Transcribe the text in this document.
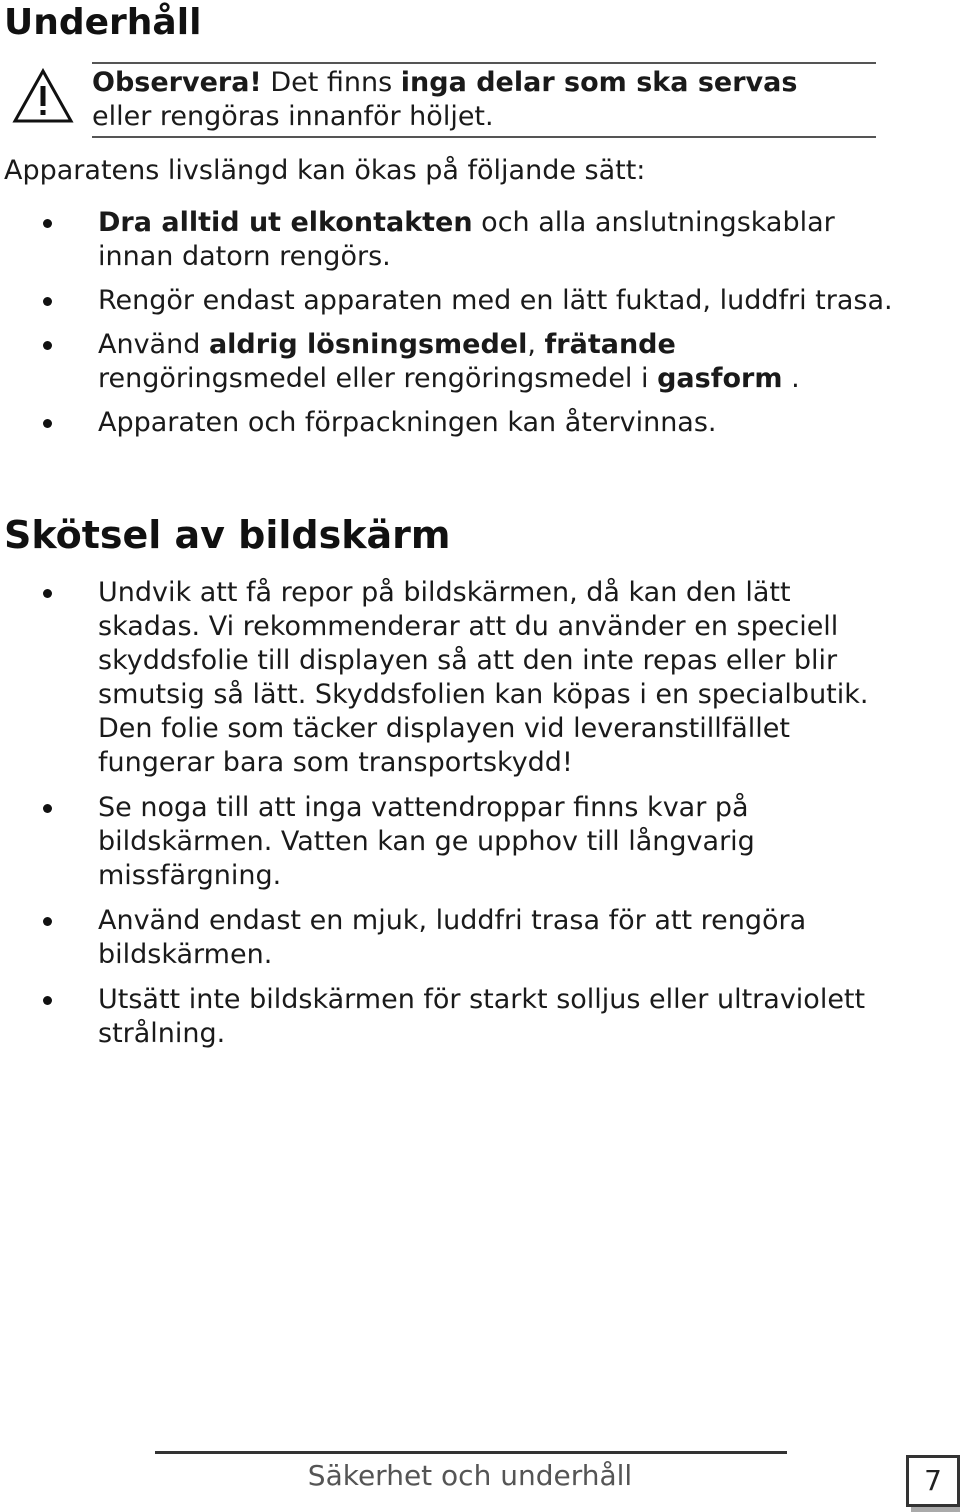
Underhåll
Observera! Det finns inga delar som ska servas eller rengöras innanför höljet.

Apparatens livslängd kan ökas på följande sätt:

Dra alltid ut elkontakten och alla anslutningskablar innan datorn rengörs.
Rengör endast apparaten med en lätt fuktad, luddfri trasa.
Använd aldrig lösningsmedel, frätande rengöringsmedel eller rengöringsmedel i gasform .
Apparaten och förpackningen kan återvinnas.
Skötsel av bildskärm
Undvik att få repor på bildskärmen, då kan den lätt skadas. Vi rekommenderar att du använder en speciell skyddsfolie till displayen så att den inte repas eller blir smutsig så lätt. Skyddsfolien kan köpas i en specialbutik. Den folie som täcker displayen vid leveranstillfället fungerar bara som transportskydd!
Se noga till att inga vattendroppar finns kvar på bildskärmen. Vatten kan ge upphov till långvarig missfärgning.
Använd endast en mjuk, luddfri trasa för att rengöra bildskärmen.
Utsätt inte bildskärmen för starkt solljus eller ultraviolett strålning.
Säkerhet och underhåll	7
